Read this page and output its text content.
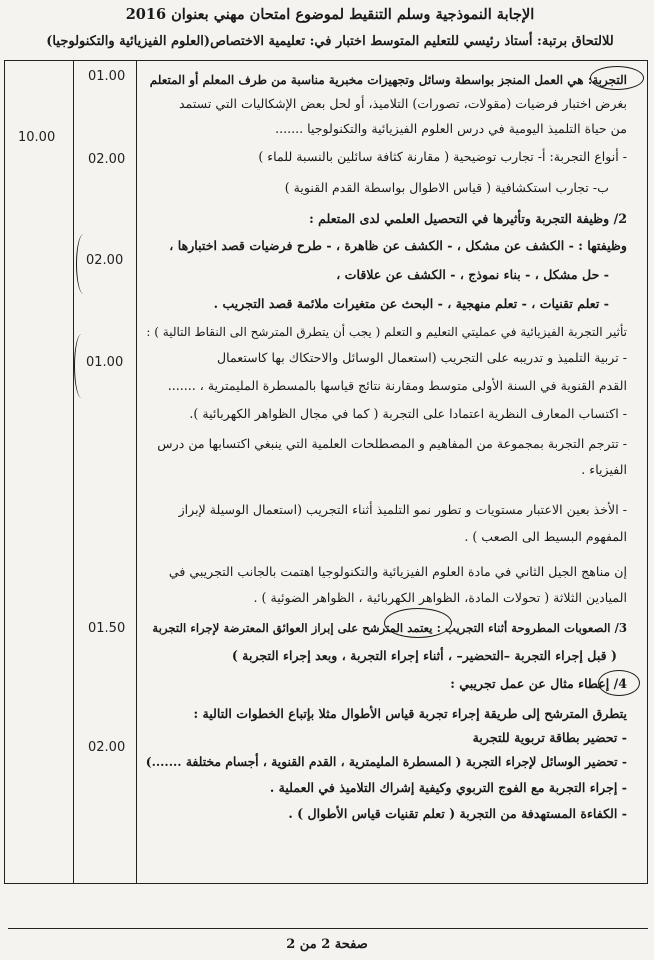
الإجابة النموذجية وسلم التنقيط لموضوع امتحان مهني بعنوان 2016
للالتحاق برتبة: أستاذ رئيسي للتعليم المتوسط اختبار في: تعليمية الاختصاص(العلوم الفيزيائية والتكنولوجيا)
10.00
01.00
02.00
02.00
01.00
01.50
02.00
التجربة: هي العمل المنجز بواسطة وسائل وتجهيزات مخبرية مناسبة من طرف المعلم أو المتعلم
بغرض اختبار فرضيات (مقولات، تصورات) التلاميذ، أو لحل بعض الإشكاليات التي تستمد
من حياة التلميذ اليومية في درس العلوم الفيزيائية والتكنولوجيا .......
- أنواع التجربة: أ- تجارب توضيحية ( مقارنة كثافة سائلين بالنسبة للماء )
ب- تجارب استكشافية ( قياس الاطوال بواسطة القدم القنوية )
2/ وظيفة التجربة وتأثيرها في التحصيل العلمي لدى المتعلم :
وظيفتها : - الكشف عن مشكل ، - الكشف عن ظاهرة ، - طرح فرضيات قصد اختبارها ،
- حل مشكل ، - بناء نموذج ، - الكشف عن علاقات ،
- تعلم تقنيات ، - تعلم منهجية ، - البحث عن متغيرات ملائمة قصد التجريب .
تأثير التجربة الفيزيائية في عمليتي التعليم و التعلم ( يجب أن يتطرق المترشح الى النقاط التالية ) :
- تربية التلميذ و تدريبه على التجريب (استعمال الوسائل والاحتكاك بها كاستعمال
القدم القنوية في السنة الأولى متوسط ومقارنة نتائج قياسها بالمسطرة المليمترية ، .......
- اكتساب المعارف النظرية اعتمادا على التجربة ( كما في مجال الظواهر الكهربائية ).
- تترجم التجربة بمجموعة من المفاهيم و المصطلحات العلمية التي ينبغي اكتسابها من درس
الفيزياء .
- الأخذ بعين الاعتبار مستويات و تطور نمو التلميذ أثناء التجريب (استعمال الوسيلة لإبراز
المفهوم البسيط الى الصعب ) .
إن مناهج الجيل الثاني في مادة العلوم الفيزيائية والتكنولوجيا اهتمت بالجانب التجريبي في
الميادين الثلاثة ( تحولات المادة، الظواهر الكهربائية ، الظواهر الضوئية ) .
3/ الصعوبات المطروحة أثناء التجريب : يعتمد المترشح على إبراز العوائق المعترضة لإجراء التجربة
( قبل إجراء التجربة –التحضير– ، أثناء إجراء التجربة ، وبعد إجراء التجربة )
4/ إعطاء مثال عن عمل تجريبي :
يتطرق المترشح إلى طريقة إجراء تجربة قياس الأطوال مثلا بإتباع الخطوات التالية :
- تحضير بطاقة تربوية للتجربة
- تحضير الوسائل لإجراء التجربة ( المسطرة المليمترية ، القدم القنوية ، أجسام مختلفة .......)
- إجراء التجربة مع الفوج التربوي وكيفية إشراك التلاميذ في العملية .
- الكفاءة المستهدفة من التجربة ( تعلم تقنيات قياس الأطوال ) .
صفحة 2 من 2
